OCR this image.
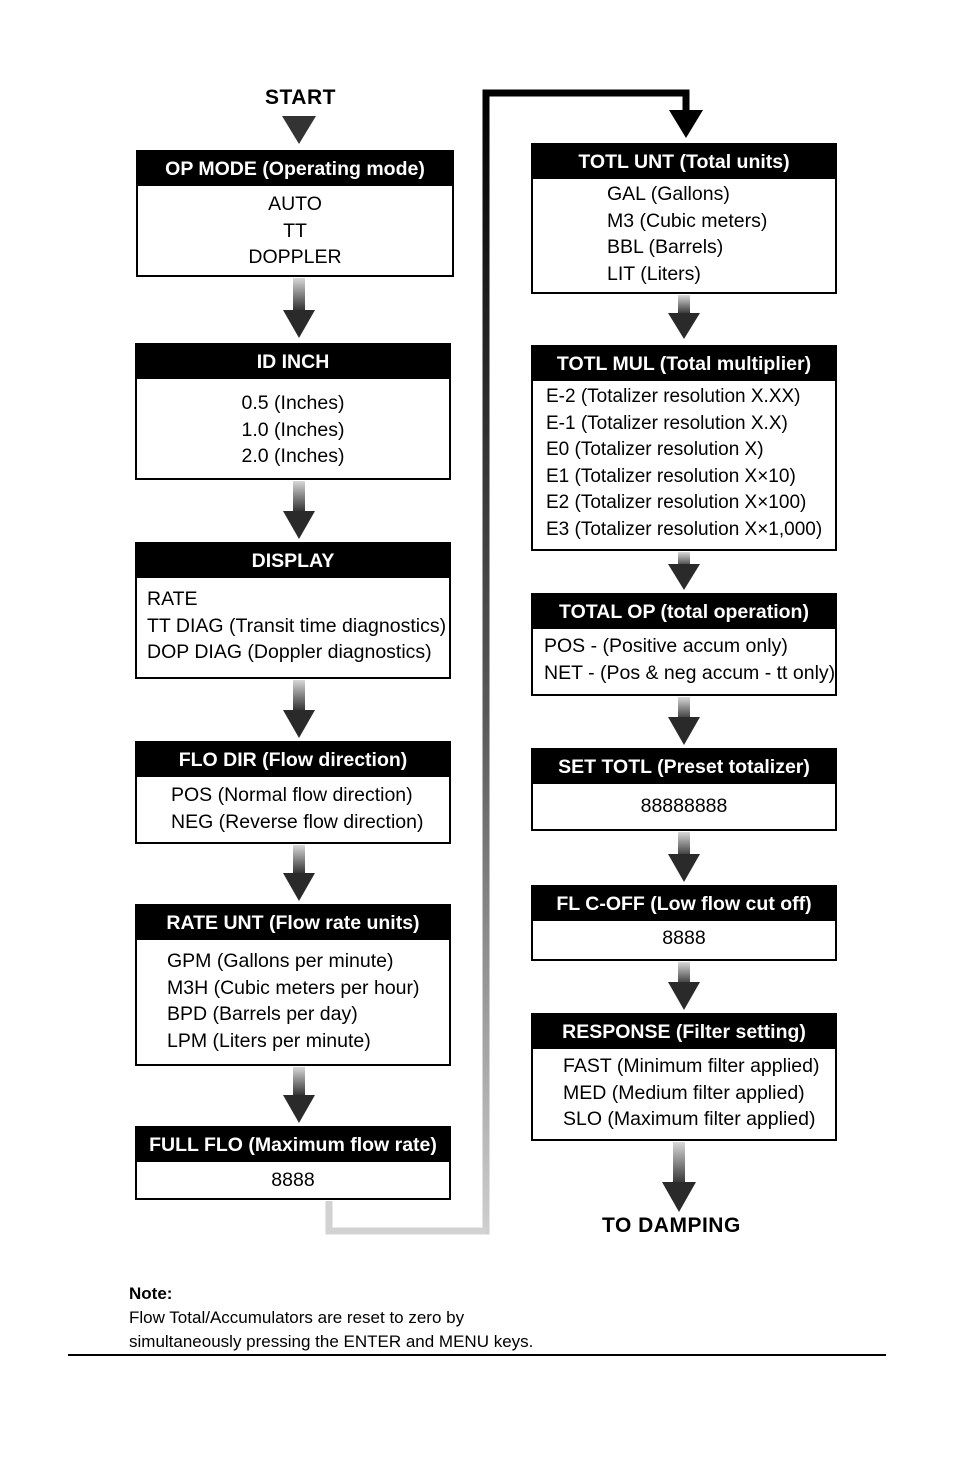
START
OP MODE (Operating mode)
AUTO
TT
DOPPLER
ID INCH
0.5 (Inches)
1.0 (Inches)
2.0 (Inches)
DISPLAY
RATE
TT DIAG (Transit time diagnostics)
DOP DIAG (Doppler diagnostics)
FLO DIR (Flow direction)
POS (Normal flow direction)
NEG (Reverse flow direction)
RATE UNT (Flow rate units)
GPM (Gallons per minute)
M3H (Cubic meters per hour)
BPD (Barrels per day)
LPM (Liters per minute)
FULL FLO (Maximum flow rate)
8888
TOTL UNT (Total units)
GAL (Gallons)
M3 (Cubic meters)
BBL (Barrels)
LIT (Liters)
TOTL MUL (Total multiplier)
E-2 (Totalizer resolution X.XX)
E-1 (Totalizer resolution X.X)
E0 (Totalizer resolution X)
E1 (Totalizer resolution X×10)
E2 (Totalizer resolution X×100)
E3 (Totalizer resolution X×1,000)
TOTAL OP (total operation)
POS - (Positive accum only)
NET - (Pos & neg accum - tt only)
SET TOTL (Preset totalizer)
88888888
FL C-OFF (Low flow cut off)
8888
RESPONSE (Filter setting)
FAST (Minimum filter applied)
MED (Medium filter applied)
SLO (Maximum filter applied)
TO DAMPING
Note:
Flow Total/Accumulators are reset to zero by
simultaneously pressing the ENTER and MENU keys.
